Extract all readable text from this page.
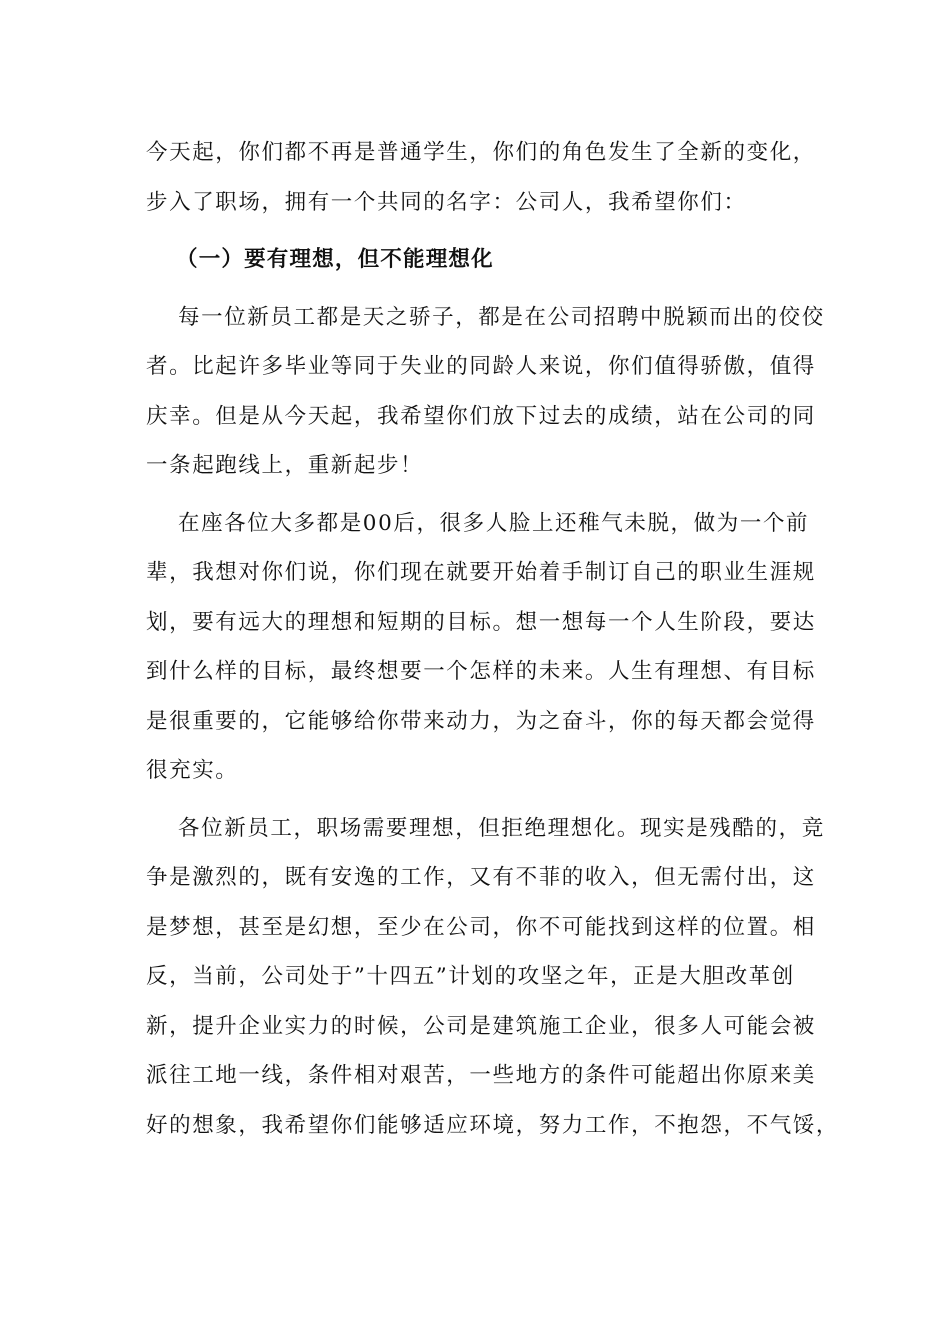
今天起，你们都不再是普通学生，你们的角色发生了全新的变化，
步入了职场，拥有一个共同的名字：公司人，我希望你们：
（一）要有理想，但不能理想化
每一位新员工都是天之骄子，都是在公司招聘中脱颖而出的佼佼
者。比起许多毕业等同于失业的同龄人来说，你们值得骄傲，值得
庆幸。但是从今天起，我希望你们放下过去的成绩，站在公司的同
一条起跑线上，重新起步！
在座各位大多都是00后，很多人脸上还稚气未脱，做为一个前
辈，我想对你们说，你们现在就要开始着手制订自己的职业生涯规
划，要有远大的理想和短期的目标。想一想每一个人生阶段，要达
到什么样的目标，最终想要一个怎样的未来。人生有理想、有目标
是很重要的，它能够给你带来动力，为之奋斗，你的每天都会觉得
很充实。
各位新员工，职场需要理想，但拒绝理想化。现实是残酷的，竞
争是激烈的，既有安逸的工作，又有不菲的收入，但无需付出，这
是梦想，甚至是幻想，至少在公司，你不可能找到这样的位置。相
反，当前，公司处于”十四五”计划的攻坚之年，正是大胆改革创
新，提升企业实力的时候，公司是建筑施工企业，很多人可能会被
派往工地一线，条件相对艰苦，一些地方的条件可能超出你原来美
好的想象，我希望你们能够适应环境，努力工作，不抱怨，不气馁，
